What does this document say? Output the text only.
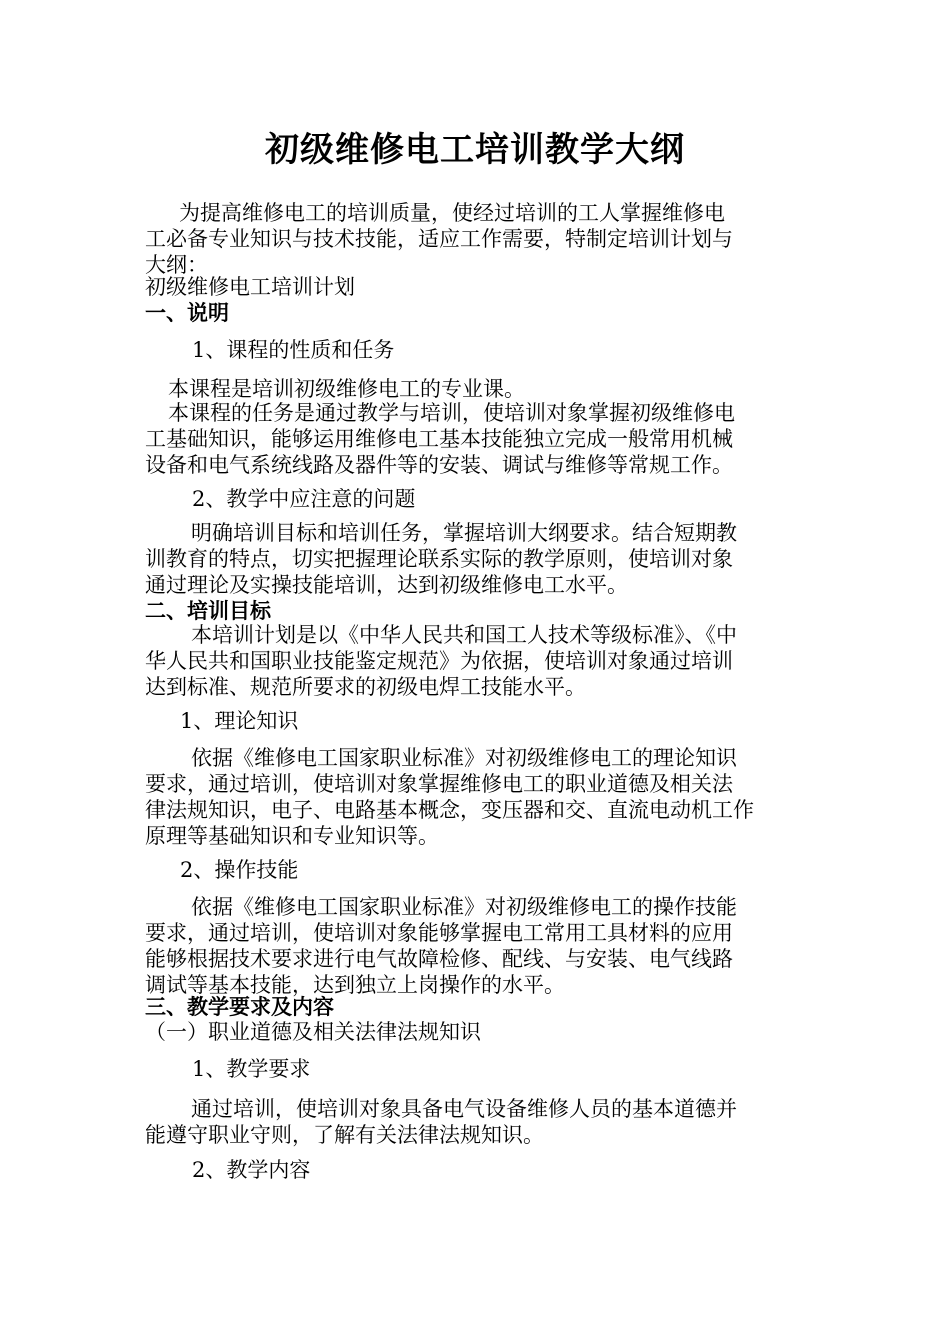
初级维修电工培训教学大纲
为提高维修电工的培训质量，使经过培训的工人掌握维修电
工必备专业知识与技术技能，适应工作需要，特制定培训计划与
大纲：
初级维修电工培训计划
一、说明
1、课程的性质和任务
本课程是培训初级维修电工的专业课。
本课程的任务是通过教学与培训，使培训对象掌握初级维修电
工基础知识，能够运用维修电工基本技能独立完成一般常用机械
设备和电气系统线路及器件等的安装、调试与维修等常规工作。
2、教学中应注意的问题
明确培训目标和培训任务，掌握培训大纲要求。结合短期教
训教育的特点，切实把握理论联系实际的教学原则，使培训对象
通过理论及实操技能培训，达到初级维修电工水平。
二、培训目标
本培训计划是以《中华人民共和国工人技术等级标准》、《中
华人民共和国职业技能鉴定规范》为依据，使培训对象通过培训
达到标准、规范所要求的初级电焊工技能水平。
1、理论知识
依据《维修电工国家职业标准》对初级维修电工的理论知识
要求，通过培训，使培训对象掌握维修电工的职业道德及相关法
律法规知识，电子、电路基本概念，变压器和交、直流电动机工作
原理等基础知识和专业知识等。
2、操作技能
依据《维修电工国家职业标准》对初级维修电工的操作技能
要求，通过培训，使培训对象能够掌握电工常用工具材料的应用
能够根据技术要求进行电气故障检修、配线、与安装、电气线路
调试等基本技能，达到独立上岗操作的水平。
三、教学要求及内容
（一）职业道德及相关法律法规知识
1、教学要求
通过培训，使培训对象具备电气设备维修人员的基本道德并
能遵守职业守则，了解有关法律法规知识。
2、教学内容
